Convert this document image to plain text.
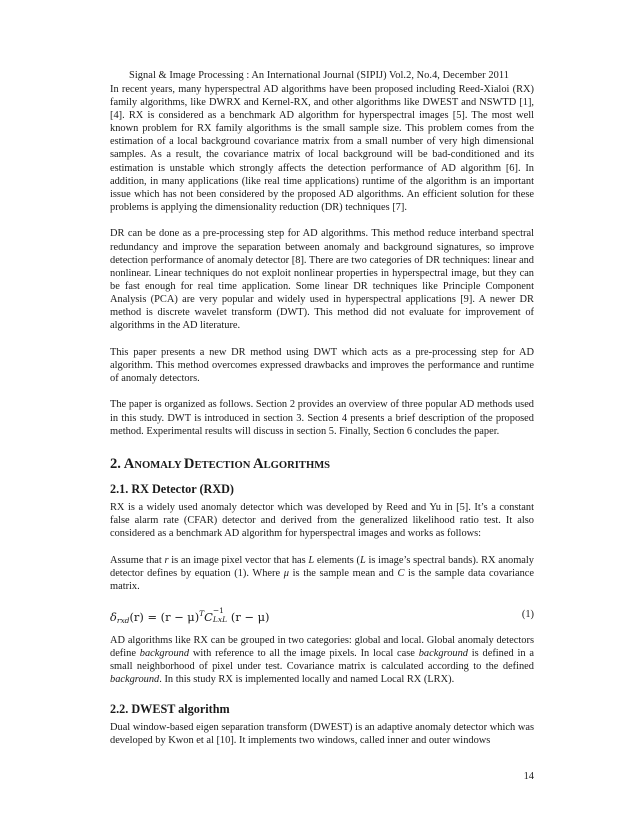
Signal & Image Processing : An International Journal (SIPIJ) Vol.2, No.4, December 2011

In recent years, many hyperspectral AD algorithms have been proposed including Reed-Xialoi (RX) family algorithms, like DWRX and Kernel-RX, and other algorithms like DWEST and NSWTD [1], [4]. RX is considered as a benchmark AD algorithm for hyperspectral images [5]. The most well known problem for RX family algorithms is the small sample size. This problem comes from the estimation of a local background covariance matrix from a small number of very high dimensional samples. As a result, the covariance matrix of local background will be bad-conditioned and its estimation is unstable which strongly affects the detection performance of AD algorithm [6]. In addition, in many applications (like real time applications) runtime of the algorithm is an important issue which has not been considered by the proposed AD algorithms. An efficient solution for these problems is applying the dimensionality reduction (DR) techniques [7].

DR can be done as a pre-processing step for AD algorithms. This method reduce interband spectral redundancy and improve the separation between anomaly and background signatures, so improve detection performance of anomaly detector [8]. There are two categories of DR techniques: linear and nonlinear. Linear techniques do not exploit nonlinear properties in hyperspectral image, but they can be fast enough for real time application. Some linear DR techniques like Principle Component Analysis (PCA) are very popular and widely used in hyperspectral applications [9]. A newer DR method is discrete wavelet transform (DWT). This method did not evaluate for improvement of algorithms in the AD literature.

This paper presents a new DR method using DWT which acts as a pre-processing step for AD algorithm. This method overcomes expressed drawbacks and improves the performance and runtime of anomaly detectors.

The paper is organized as follows. Section 2 provides an overview of three popular AD methods used in this study. DWT is introduced in section 3. Section 4 presents a brief description of the proposed method. Experimental results will discuss in section 5. Finally, Section 6 concludes the paper.

2. ANOMALY DETECTION ALGORITHMS
2.1. RX Detector (RXD)

RX is a widely used anomaly detector which was developed by Reed and Yu in [5]. It’s a constant false alarm rate (CFAR) detector and derived from the generalized likelihood ratio test. It also considered as a benchmark AD algorithm for hyperspectral images and works as follows:

Assume that r is an image pixel vector that has L elements (L is image’s spectral bands). RX anomaly detector defines by equation (1). Where μ is the sample mean and C is the sample data covariance matrix.

$\delta rxd(r) = (r - \mu)^TC -1$
LxL (r − μ)	(1)

AD algorithms like RX can be grouped in two categories: global and local. Global anomaly detectors define background with reference to all the image pixels. In local case background is defined in a small neighborhood of pixel under test. Covariance matrix is calculated according to the defined background. In this study RX is implemented locally and named Local RX (LRX).

2.2. DWEST algorithm

Dual window-based eigen separation transform (DWEST) is an adaptive anomaly detector which was developed by Kwon et al [10]. It implements two windows, called inner and outer windows

14
